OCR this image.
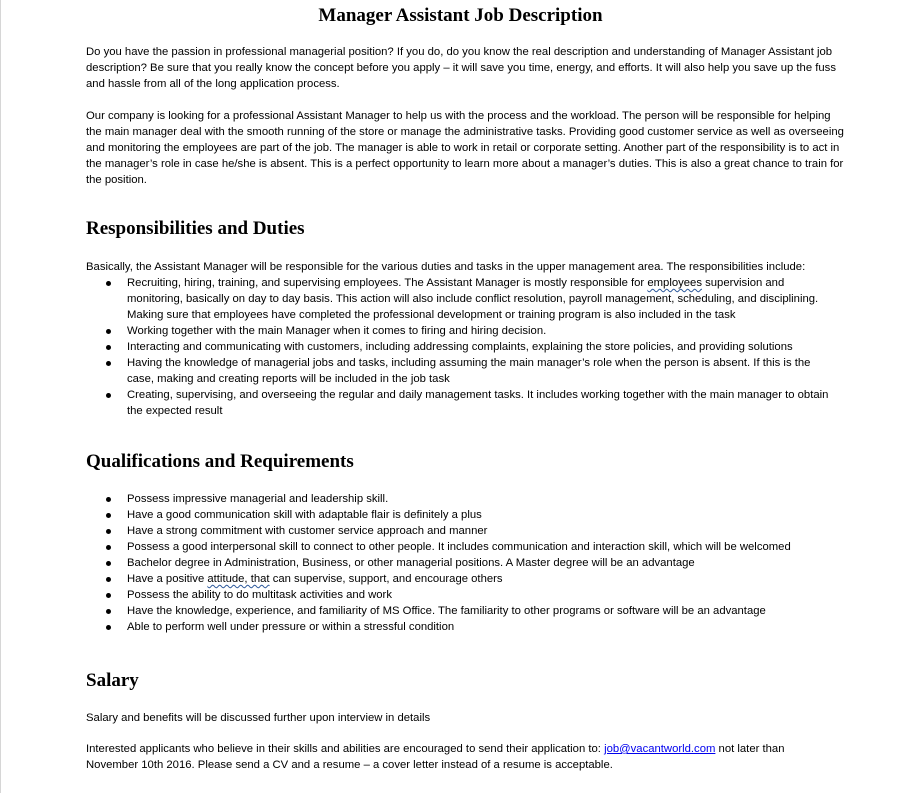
Manager Assistant Job Description

Do you have the passion in professional managerial position? If you do, do you know the real description and understanding of Manager Assistant job description? Be sure that you really know the concept before you apply – it will save you time, energy, and efforts. It will also help you save up the fuss and hassle from all of the long application process.

Our company is looking for a professional Assistant Manager to help us with the process and the workload. The person will be responsible for helping the main manager deal with the smooth running of the store or manage the administrative tasks. Providing good customer service as well as overseeing and monitoring the employees are part of the job. The manager is able to work in retail or corporate setting. Another part of the responsibility is to act in the manager’s role in case he/she is absent. This is a perfect opportunity to learn more about a manager’s duties. This is also a great chance to train for the position.

Responsibilities and Duties

Basically, the Assistant Manager will be responsible for the various duties and tasks in the upper management area. The responsibilities include:

Recruiting, hiring, training, and supervising employees. The Assistant Manager is mostly responsible for employees supervision and monitoring, basically on day to day basis. This action will also include conflict resolution, payroll management, scheduling, and disciplining. Making sure that employees have completed the professional development or training program is also included in the task
Working together with the main Manager when it comes to firing and hiring decision.
Interacting and communicating with customers, including addressing complaints, explaining the store policies, and providing solutions
Having the knowledge of managerial jobs and tasks, including assuming the main manager’s role when the person is absent. If this is the case, making and creating reports will be included in the job task
Creating, supervising, and overseeing the regular and daily management tasks. It includes working together with the main manager to obtain the expected result
Qualifications and Requirements
Possess impressive managerial and leadership skill.
Have a good communication skill with adaptable flair is definitely a plus
Have a strong commitment with customer service approach and manner
Possess a good interpersonal skill to connect to other people. It includes communication and interaction skill, which will be welcomed
Bachelor degree in Administration, Business, or other managerial positions. A Master degree will be an advantage
Have a positive attitude, that can supervise, support, and encourage others
Possess the ability to do multitask activities and work
Have the knowledge, experience, and familiarity of MS Office. The familiarity to other programs or software will be an advantage
Able to perform well under pressure or within a stressful condition
Salary

Salary and benefits will be discussed further upon interview in details

Interested applicants who believe in their skills and abilities are encouraged to send their application to: job@vacantworld.com not later than November 10th 2016. Please send a CV and a resume – a cover letter instead of a resume is acceptable.
